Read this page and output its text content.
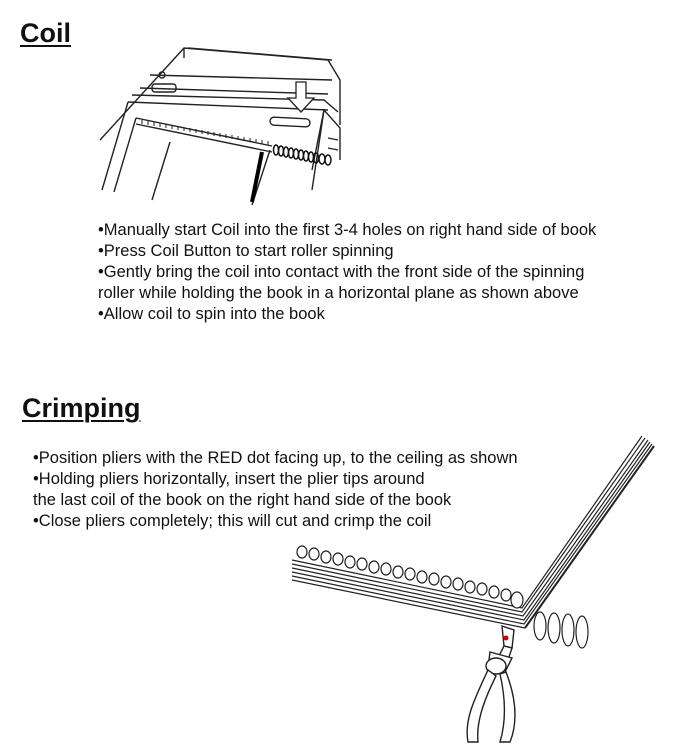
Coil

•Manually start Coil into the first 3-4 holes on right hand side of book

•Press Coil Button to start roller spinning

•Gently bring the coil into contact with the front side of the spinning roller while holding the book in a horizontal plane as shown above

•Allow coil to spin into the book

Crimping

•Position pliers with the RED dot facing up, to the ceiling as shown

•Holding pliers horizontally, insert the plier tips around

the last coil of the book on the right hand side of the book

•Close pliers completely; this will cut and crimp the coil
